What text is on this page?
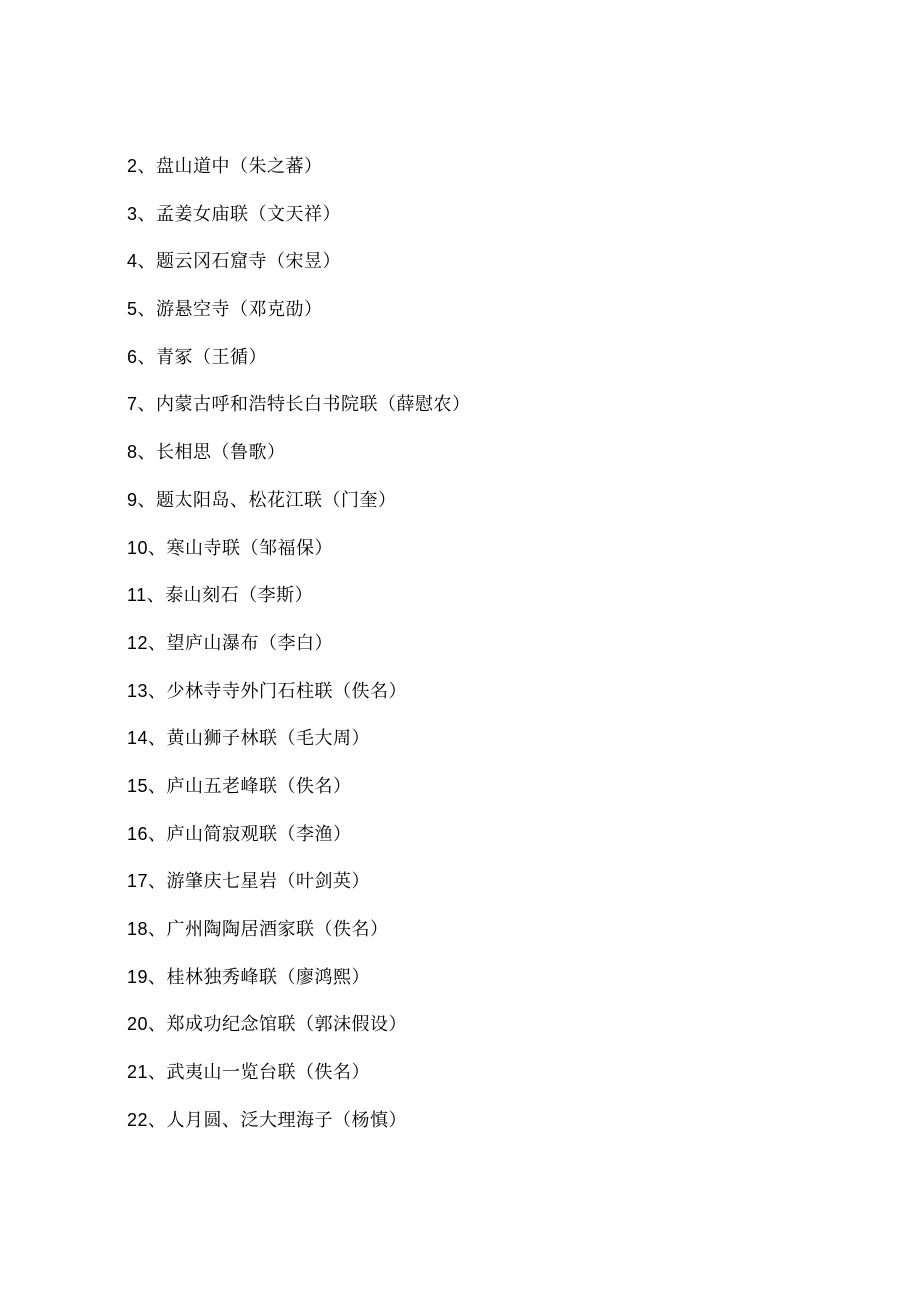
2、盘山道中（朱之蕃）
3、孟姜女庙联（文天祥）
4、题云冈石窟寺（宋昱）
5、游悬空寺（邓克劭）
6、青冢（王循）
7、内蒙古呼和浩特长白书院联（薛慰农）
8、长相思（鲁歌）
9、题太阳岛、松花江联（门奎）
10、寒山寺联（邹福保）
11、泰山刻石（李斯）
12、望庐山瀑布（李白）
13、少林寺寺外门石柱联（佚名）
14、黄山狮子林联（毛大周）
15、庐山五老峰联（佚名）
16、庐山简寂观联（李渔）
17、游肇庆七星岩（叶剑英）
18、广州陶陶居酒家联（佚名）
19、桂林独秀峰联（廖鸿熙）
20、郑成功纪念馆联（郭沫假设）
21、武夷山一览台联（佚名）
22、人月圆、泛大理海子（杨慎）
